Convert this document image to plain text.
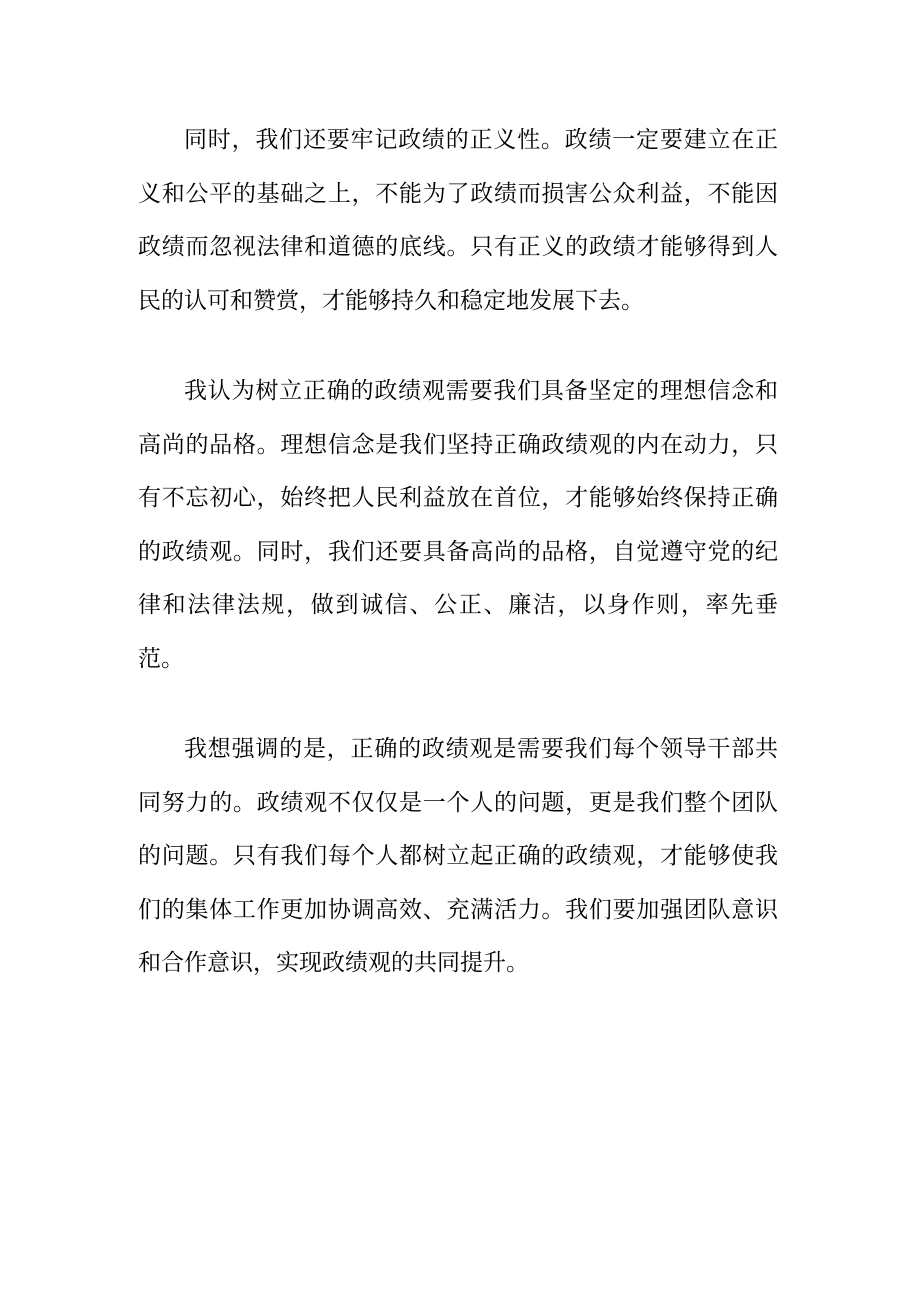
同时，我们还要牢记政绩的正义性。政绩一定要建立在正义和公平的基础之上，不能为了政绩而损害公众利益，不能因政绩而忽视法律和道德的底线。只有正义的政绩才能够得到人民的认可和赞赏，才能够持久和稳定地发展下去。

我认为树立正确的政绩观需要我们具备坚定的理想信念和高尚的品格。理想信念是我们坚持正确政绩观的内在动力，只有不忘初心，始终把人民利益放在首位，才能够始终保持正确的政绩观。同时，我们还要具备高尚的品格，自觉遵守党的纪律和法律法规，做到诚信、公正、廉洁，以身作则，率先垂范。

我想强调的是，正确的政绩观是需要我们每个领导干部共同努力的。政绩观不仅仅是一个人的问题，更是我们整个团队的问题。只有我们每个人都树立起正确的政绩观，才能够使我们的集体工作更加协调高效、充满活力。我们要加强团队意识和合作意识，实现政绩观的共同提升。
